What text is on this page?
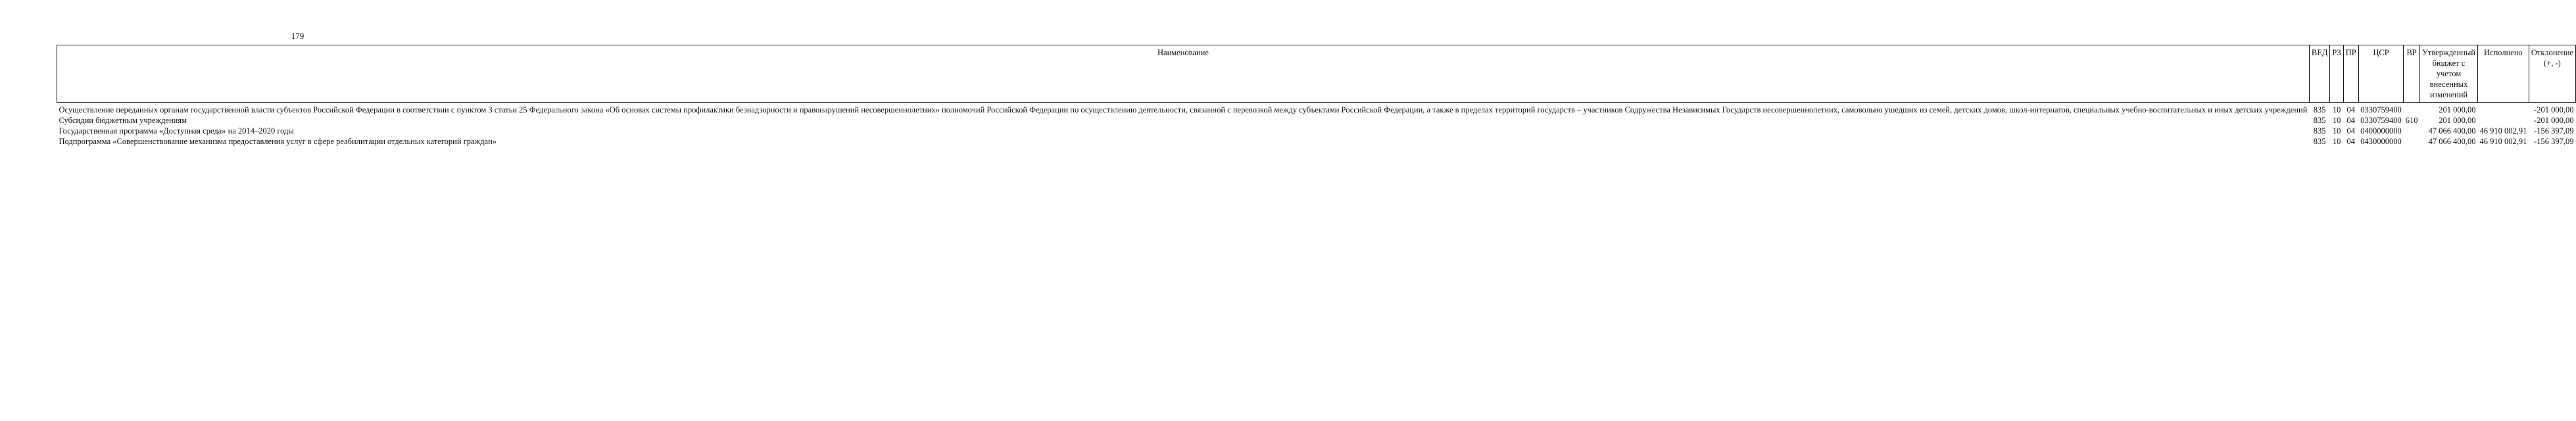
179
Наименование	ВЕД	РЗ	ПР	ЦСР	ВР	Утвержденный бюджет с учетом внесенных изменений	Исполнено	Отклонение (+, -)
Осуществление переданных органам государственной власти субъектов Российской Федерации в соответствии с пунктом 3 статьи 25 Федерального закона «Об основах системы профилактики безнадзорности и правонарушений несовершеннолетних» полномочий Российской Федерации по осуществлению деятельности, связанной с перевозкой между субъектами Российской Федерации, а также в пределах территорий государств – участников Содружества Независимых Государств несовершеннолетних, самовольно ушедших из семей, детских домов, школ-интернатов, специальных учебно-воспитательных и иных детских учреждений	835	10	04	0330759400		201 000,00		-201 000,00
Субсидии бюджетным учреждениям	835	10	04	0330759400	610	201 000,00		-201 000,00
Государственная программа «Доступная среда» на 2014–2020 годы	835	10	04	0400000000		47 066 400,00	46 910 002,91	-156 397,09
Подпрограмма «Совершенствование механизма предоставления услуг в сфере реабилитации отдельных категорий граждан»	835	10	04	0430000000		47 066 400,00	46 910 002,91	-156 397,09
